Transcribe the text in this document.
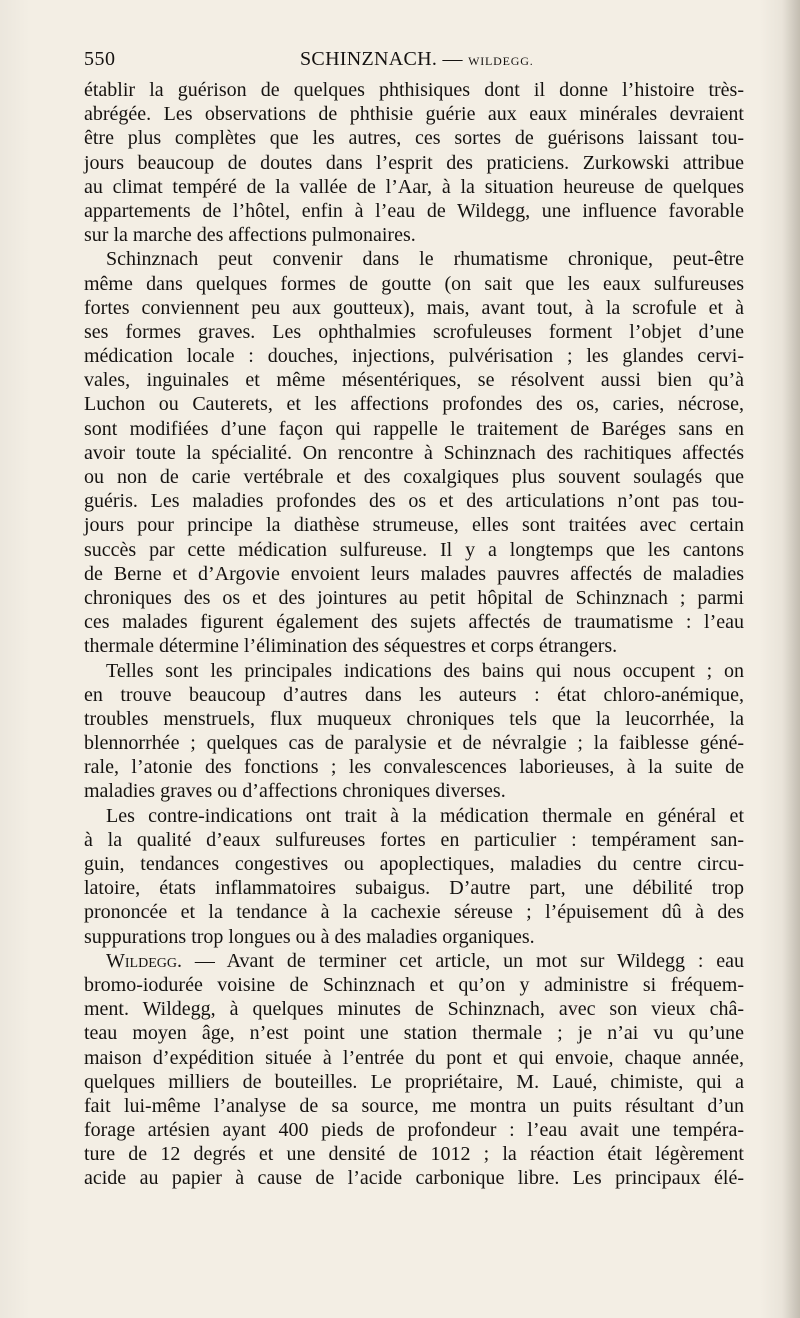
550	SCHINZNACH. — WILDEGG.
établir la guérison de quelques phthisiques dont il donne l’histoire très-
abrégée. Les observations de phthisie guérie aux eaux minérales devraient
être plus complètes que les autres, ces sortes de guérisons laissant tou-
jours beaucoup de doutes dans l’esprit des praticiens. Zurkowski attribue
au climat tempéré de la vallée de l’Aar, à la situation heureuse de quelques
appartements de l’hôtel, enfin à l’eau de Wildegg, une influence favorable
sur la marche des affections pulmonaires.
Schinznach peut convenir dans le rhumatisme chronique, peut-être
même dans quelques formes de goutte (on sait que les eaux sulfureuses
fortes conviennent peu aux goutteux), mais, avant tout, à la scrofule et à
ses formes graves. Les ophthalmies scrofuleuses forment l’objet d’une
médication locale : douches, injections, pulvérisation ; les glandes cervi-
vales, inguinales et même mésentériques, se résolvent aussi bien qu’à
Luchon ou Cauterets, et les affections profondes des os, caries, nécrose,
sont modifiées d’une façon qui rappelle le traitement de Baréges sans en
avoir toute la spécialité. On rencontre à Schinznach des rachitiques affectés
ou non de carie vertébrale et des coxalgiques plus souvent soulagés que
guéris. Les maladies profondes des os et des articulations n’ont pas tou-
jours pour principe la diathèse strumeuse, elles sont traitées avec certain
succès par cette médication sulfureuse. Il y a longtemps que les cantons
de Berne et d’Argovie envoient leurs malades pauvres affectés de maladies
chroniques des os et des jointures au petit hôpital de Schinznach ; parmi
ces malades figurent également des sujets affectés de traumatisme : l’eau
thermale détermine l’élimination des séquestres et corps étrangers.
Telles sont les principales indications des bains qui nous occupent ; on
en trouve beaucoup d’autres dans les auteurs : état chloro-anémique,
troubles menstruels, flux muqueux chroniques tels que la leucorrhée, la
blennorrhée ; quelques cas de paralysie et de névralgie ; la faiblesse géné-
rale, l’atonie des fonctions ; les convalescences laborieuses, à la suite de
maladies graves ou d’affections chroniques diverses.
Les contre-indications ont trait à la médication thermale en général et
à la qualité d’eaux sulfureuses fortes en particulier : tempérament san-
guin, tendances congestives ou apoplectiques, maladies du centre circu-
latoire, états inflammatoires subaigus. D’autre part, une débilité trop
prononcée et la tendance à la cachexie séreuse ; l’épuisement dû à des
suppurations trop longues ou à des maladies organiques.
Wildegg. — Avant de terminer cet article, un mot sur Wildegg : eau
bromo-iodurée voisine de Schinznach et qu’on y administre si fréquem-
ment. Wildegg, à quelques minutes de Schinznach, avec son vieux châ-
teau moyen âge, n’est point une station thermale ; je n’ai vu qu’une
maison d’expédition située à l’entrée du pont et qui envoie, chaque année,
quelques milliers de bouteilles. Le propriétaire, M. Laué, chimiste, qui a
fait lui-même l’analyse de sa source, me montra un puits résultant d’un
forage artésien ayant 400 pieds de profondeur : l’eau avait une tempéra-
ture de 12 degrés et une densité de 1012 ; la réaction était légèrement
acide au papier à cause de l’acide carbonique libre. Les principaux élé-
